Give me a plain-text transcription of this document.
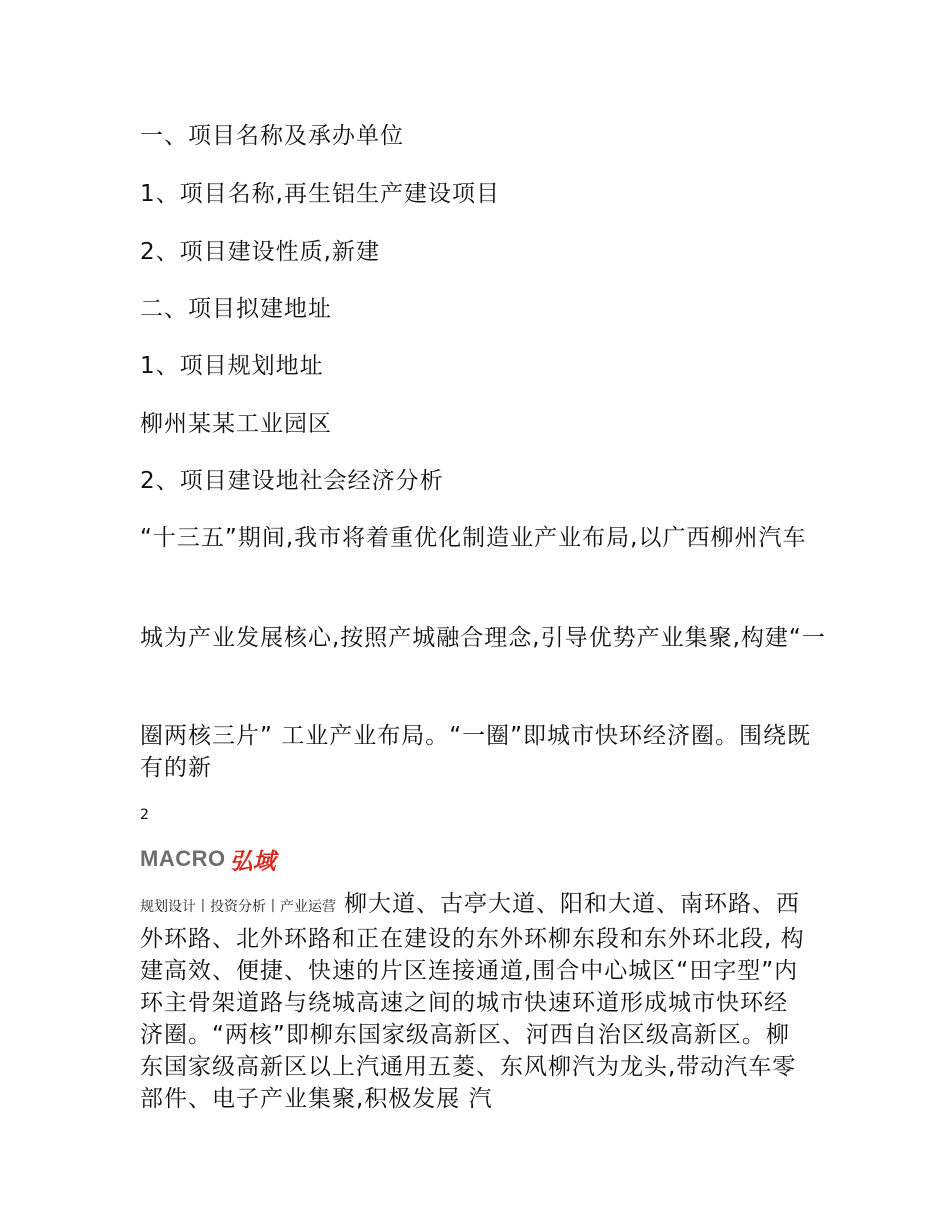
一、项目名称及承办单位
1、项目名称,再生铝生产建设项目
2、项目建设性质,新建
二、项目拟建地址
1、项目规划地址
柳州某某工业园区
2、项目建设地社会经济分析
“十三五”期间,我市将着重优化制造业产业布局,以广西柳州汽车
城为产业发展核心,按照产城融合理念,引导优势产业集聚,构建“一
圈两核三片” 工业产业布局。“一圈”即城市快环经济圈。围绕既有的新
2
MACRO 弘域
规划设计丨投资分析丨产业运营 柳大道、古亭大道、阳和大道、南环路、西外环路、北外环路和正在建设的东外环柳东段和东外环北段, 构建高效、便捷、快速的片区连接通道,围合中心城区“田字型”内环主骨架道路与绕城高速之间的城市快速环道形成城市快环经济圈。“两核”即柳东国家级高新区、河西自治区级高新区。柳东国家级高新区以上汽通用五菱、东风柳汽为龙头,带动汽车零部件、电子产业集聚,积极发展 汽
